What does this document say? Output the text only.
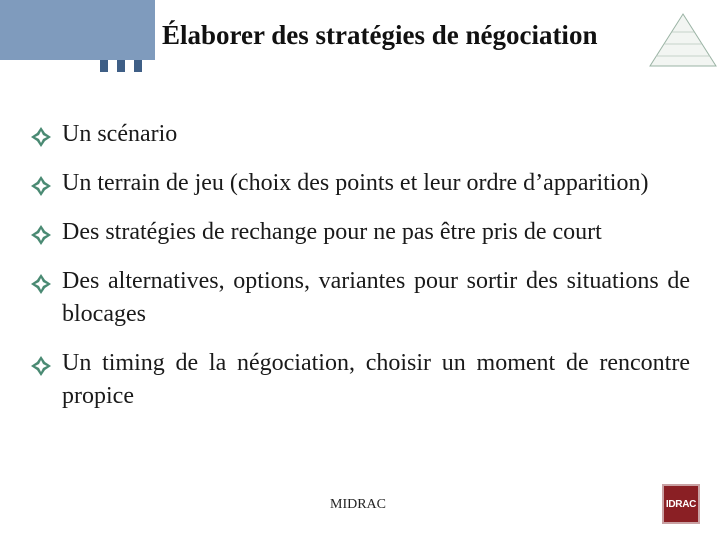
Élaborer des stratégies de négociation
Un scénario
Un terrain de jeu (choix des points et leur ordre d’apparition)
Des stratégies de rechange pour ne pas être pris de court
Des alternatives, options, variantes pour sortir des situations de blocages
Un timing de la négociation, choisir un moment de rencontre propice
MIDRAC	IDRAC
